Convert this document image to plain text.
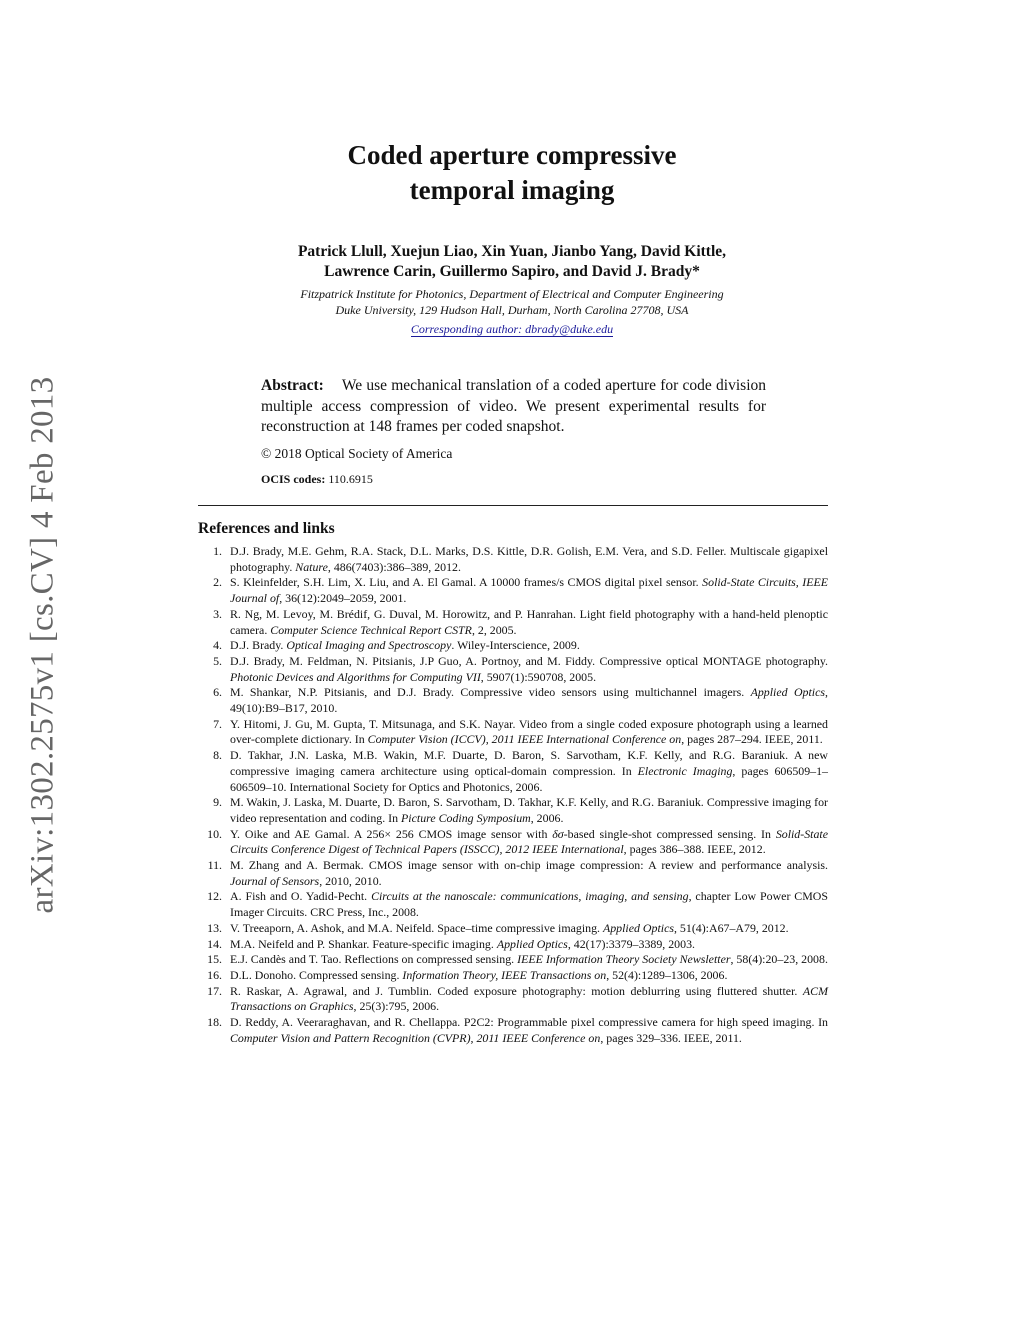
arXiv:1302.2575v1 [cs.CV] 4 Feb 2013
Coded aperture compressive
temporal imaging
Patrick Llull, Xuejun Liao, Xin Yuan, Jianbo Yang, David Kittle,
Lawrence Carin, Guillermo Sapiro, and David J. Brady*
Fitzpatrick Institute for Photonics, Department of Electrical and Computer Engineering
Duke University, 129 Hudson Hall, Durham, North Carolina 27708, USA
Corresponding author: dbrady@duke.edu
Abstract: We use mechanical translation of a coded aperture for code division multiple access compression of video. We present experimental results for reconstruction at 148 frames per coded snapshot.
© 2018 Optical Society of America
OCIS codes: 110.6915
References and links
1. D.J. Brady, M.E. Gehm, R.A. Stack, D.L. Marks, D.S. Kittle, D.R. Golish, E.M. Vera, and S.D. Feller. Multiscale gigapixel photography. Nature, 486(7403):386–389, 2012.
2. S. Kleinfelder, S.H. Lim, X. Liu, and A. El Gamal. A 10000 frames/s CMOS digital pixel sensor. Solid-State Circuits, IEEE Journal of, 36(12):2049–2059, 2001.
3. R. Ng, M. Levoy, M. Brédif, G. Duval, M. Horowitz, and P. Hanrahan. Light field photography with a hand-held plenoptic camera. Computer Science Technical Report CSTR, 2, 2005.
4. D.J. Brady. Optical Imaging and Spectroscopy. Wiley-Interscience, 2009.
5. D.J. Brady, M. Feldman, N. Pitsianis, J.P Guo, A. Portnoy, and M. Fiddy. Compressive optical MONTAGE photography. Photonic Devices and Algorithms for Computing VII, 5907(1):590708, 2005.
6. M. Shankar, N.P. Pitsianis, and D.J. Brady. Compressive video sensors using multichannel imagers. Applied Optics, 49(10):B9–B17, 2010.
7. Y. Hitomi, J. Gu, M. Gupta, T. Mitsunaga, and S.K. Nayar. Video from a single coded exposure photograph using a learned over-complete dictionary. In Computer Vision (ICCV), 2011 IEEE International Conference on, pages 287–294. IEEE, 2011.
8. D. Takhar, J.N. Laska, M.B. Wakin, M.F. Duarte, D. Baron, S. Sarvotham, K.F. Kelly, and R.G. Baraniuk. A new compressive imaging camera architecture using optical-domain compression. In Electronic Imaging, pages 606509–1–606509–10. International Society for Optics and Photonics, 2006.
9. M. Wakin, J. Laska, M. Duarte, D. Baron, S. Sarvotham, D. Takhar, K.F. Kelly, and R.G. Baraniuk. Compressive imaging for video representation and coding. In Picture Coding Symposium, 2006.
10. Y. Oike and AE Gamal. A 256× 256 CMOS image sensor with δσ-based single-shot compressed sensing. In Solid-State Circuits Conference Digest of Technical Papers (ISSCC), 2012 IEEE International, pages 386–388. IEEE, 2012.
11. M. Zhang and A. Bermak. CMOS image sensor with on-chip image compression: A review and performance analysis. Journal of Sensors, 2010, 2010.
12. A. Fish and O. Yadid-Pecht. Circuits at the nanoscale: communications, imaging, and sensing, chapter Low Power CMOS Imager Circuits. CRC Press, Inc., 2008.
13. V. Treeaporn, A. Ashok, and M.A. Neifeld. Space–time compressive imaging. Applied Optics, 51(4):A67–A79, 2012.
14. M.A. Neifeld and P. Shankar. Feature-specific imaging. Applied Optics, 42(17):3379–3389, 2003.
15. E.J. Candès and T. Tao. Reflections on compressed sensing. IEEE Information Theory Society Newsletter, 58(4):20–23, 2008.
16. D.L. Donoho. Compressed sensing. Information Theory, IEEE Transactions on, 52(4):1289–1306, 2006.
17. R. Raskar, A. Agrawal, and J. Tumblin. Coded exposure photography: motion deblurring using fluttered shutter. ACM Transactions on Graphics, 25(3):795, 2006.
18. D. Reddy, A. Veeraraghavan, and R. Chellappa. P2C2: Programmable pixel compressive camera for high speed imaging. In Computer Vision and Pattern Recognition (CVPR), 2011 IEEE Conference on, pages 329–336. IEEE, 2011.
